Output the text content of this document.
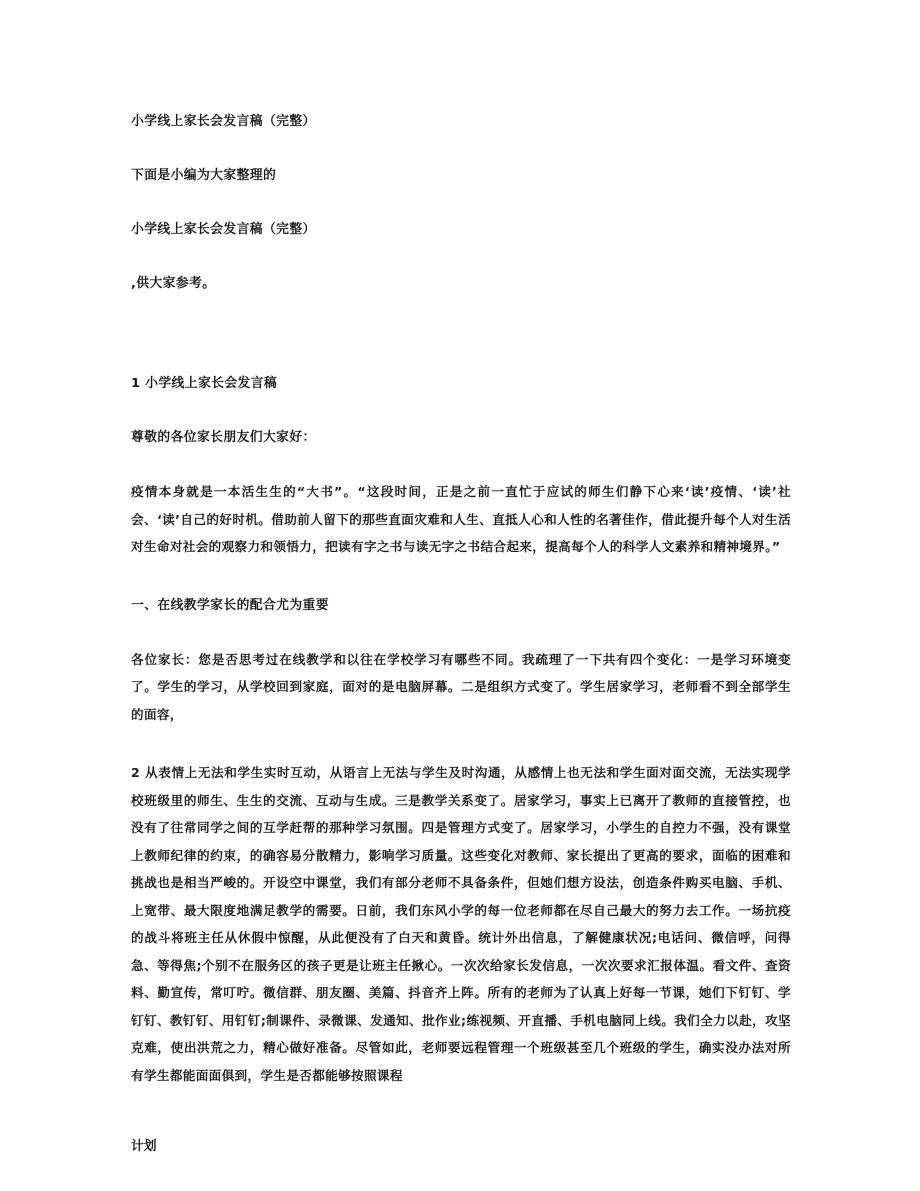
小学线上家长会发言稿（完整）
下面是小编为大家整理的
小学线上家长会发言稿（完整）
,供大家参考。
1 小学线上家长会发言稿
尊敬的各位家长朋友们大家好：

疫情本身就是一本活生生的“大书”。“这段时间，正是之前一直忙于应试的师生们静下心来‘读’疫情、‘读’社会、‘读’自己的好时机。借助前人留下的那些直面灾难和人生、直抵人心和人性的名著佳作，借此提升每个人对生活对生命对社会的观察力和领悟力，把读有字之书与读无字之书结合起来，提高每个人的科学人文素养和精神境界。”

一、在线教学家长的配合尤为重要

各位家长：您是否思考过在线教学和以往在学校学习有哪些不同。我疏理了一下共有四个变化：一是学习环境变了。学生的学习，从学校回到家庭，面对的是电脑屏幕。二是组织方式变了。学生居家学习，老师看不到全部学生的面容，

2 从表情上无法和学生实时互动，从语言上无法与学生及时沟通，从感情上也无法和学生面对面交流，无法实现学校班级里的师生、生生的交流、互动与生成。三是教学关系变了。居家学习，事实上已离开了教师的直接管控，也没有了往常同学之间的互学赶帮的那种学习氛围。四是管理方式变了。居家学习，小学生的自控力不强，没有课堂上教师纪律的约束，的确容易分散精力，影响学习质量。这些变化对教师、家长提出了更高的要求，面临的困难和挑战也是相当严峻的。开设空中课堂，我们有部分老师不具备条件，但她们想方设法，创造条件购买电脑、手机、上宽带、最大限度地满足教学的需要。日前，我们东风小学的每一位老师都在尽自己最大的努力去工作。一场抗疫的战斗将班主任从休假中惊醒，从此便没有了白天和黄昏。统计外出信息，了解健康状况;电话问、微信呼，问得急、等得焦;个别不在服务区的孩子更是让班主任揪心。一次次给家长发信息，一次次要求汇报体温。看文件、查资料、勤宣传，常叮咛。微信群、朋友圈、美篇、抖音齐上阵。所有的老师为了认真上好每一节课，她们下钉钉、学钉钉、教钉钉、用钉钉;制课件、录微课、发通知、批作业;练视频、开直播、手机电脑同上线。我们全力以赴，攻坚克难，使出洪荒之力，精心做好准备。尽管如此，老师要远程管理一个班级甚至几个班级的学生，确实没办法对所有学生都能面面俱到，学生是否都能够按照课程

计划
